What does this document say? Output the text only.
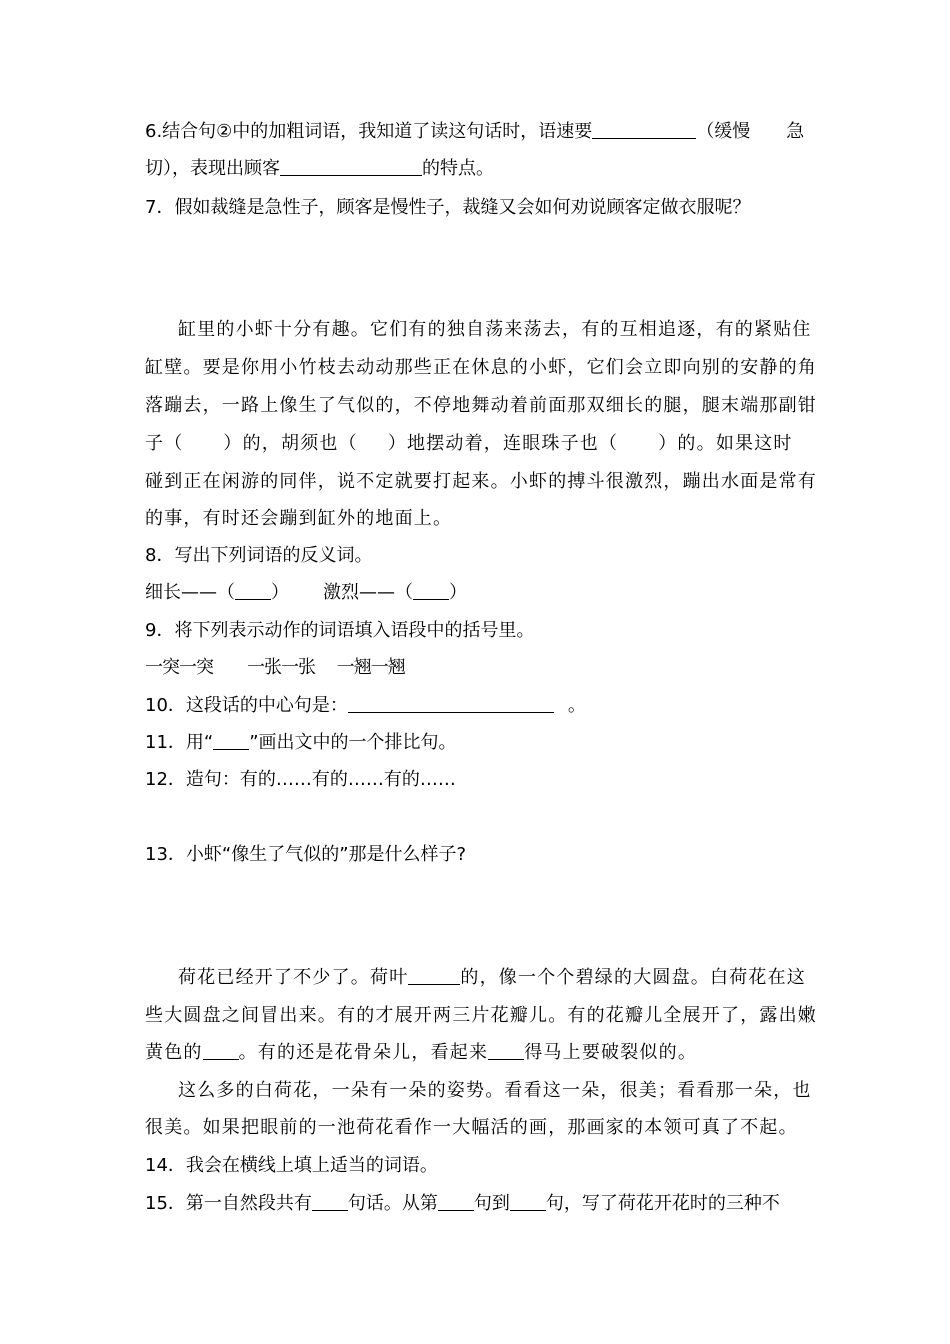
6.结合句②中的加粗词语，我知道了读这句话时，语速要	（缓慢　　急
切），表现出顾客	的特点。
7．假如裁缝是急性子，顾客是慢性子，裁缝又会如何劝说顾客定做衣服呢？
缸里的小虾十分有趣。它们有的独自荡来荡去，有的互相追逐，有的紧贴住
缸壁。要是你用小竹枝去动动那些正在休息的小虾，它们会立即向别的安静的角
落蹦去，一路上像生了气似的，不停地舞动着前面那双细长的腿，腿末端那副钳
子（ ）的，胡须也（ ）地摆动着，连眼珠子也（ ）的。如果这时
碰到正在闲游的同伴，说不定就要打起来。小虾的搏斗很激烈，蹦出水面是常有
的事，有时还会蹦到缸外的地面上。
8．写出下列词语的反义词。
细长——（ ） 激烈——（ ）
9．将下列表示动作的词语填入语段中的括号里。
一突一突　　一张一张　 一翘一翘
10．这段话的中心句是：	。
11．用“ ”画出文中的一个排比句。
12．造句：有的……有的……有的……
13．小虾“像生了气似的”那是什么样子?
荷花已经开了不少了。荷叶	的，像一个个碧绿的大圆盘。白荷花在这
些大圆盘之间冒出来。有的才展开两三片花瓣儿。有的花瓣儿全展开了，露出嫩
黄色的 。有的还是花骨朵儿，看起来 得马上要破裂似的。
这么多的白荷花，一朵有一朵的姿势。看看这一朵，很美；看看那一朵，也
很美。如果把眼前的一池荷花看作一大幅活的画，那画家的本领可真了不起。
14．我会在横线上填上适当的词语。
15．第一自然段共有 句话。从第 句到 句，写了荷花开花时的三种不
